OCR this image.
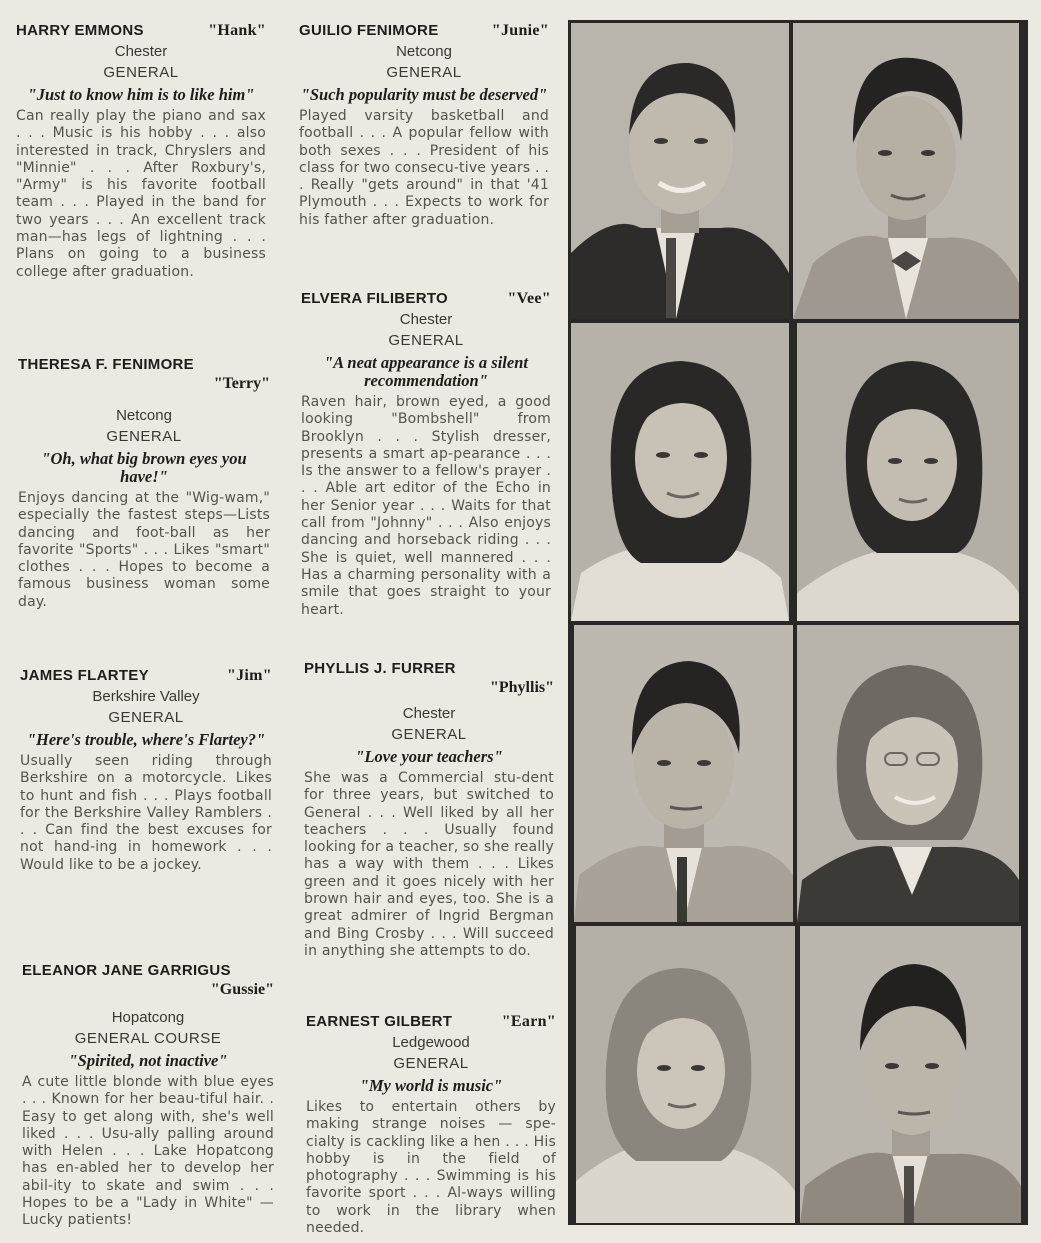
HARRY EMMONS	"Hank"
Chester
GENERAL
"Just to know him is to like him"
Can really play the piano and sax . . . Music is his hobby . . . also interested in track, Chryslers and "Minnie" . . . After Roxbury's, "Army" is his favorite football team . . . Played in the band for two years . . . An excellent track man—has legs of lightning . . . Plans on going to a business college after graduation.
THERESA F. FENIMORE
"Terry"
Netcong
GENERAL
"Oh, what big brown eyes you have!"
Enjoys dancing at the "Wig-wam," especially the fastest steps—Lists dancing and foot-ball as her favorite "Sports" . . . Likes "smart" clothes . . . Hopes to become a famous business woman some day.
JAMES FLARTEY	"Jim"
Berkshire Valley
GENERAL
"Here's trouble, where's Flartey?"
Usually seen riding through Berkshire on a motorcycle. Likes to hunt and fish . . . Plays football for the Berkshire Valley Ramblers . . . Can find the best excuses for not hand-ing in homework . . . Would like to be a jockey.
ELEANOR JANE GARRIGUS
"Gussie"
Hopatcong
GENERAL COURSE
"Spirited, not inactive"
A cute little blonde with blue eyes . . . Known for her beau-tiful hair. . Easy to get along with, she's well liked . . . Usu-ally palling around with Helen . . . Lake Hopatcong has en-abled her to develop her abil-ity to skate and swim . . . Hopes to be a "Lady in White" —Lucky patients!
GUILIO FENIMORE	"Junie"
Netcong
GENERAL
"Such popularity must be deserved"
Played varsity basketball and football . . . A popular fellow with both sexes . . . President of his class for two consecu-tive years . . . Really "gets around" in that '41 Plymouth . . . Expects to work for his father after graduation.
ELVERA FILIBERTO	"Vee"
Chester
GENERAL
"A neat appearance is a silent recommendation"
Raven hair, brown eyed, a good looking "Bombshell" from Brooklyn . . . Stylish dresser, presents a smart ap-pearance . . . Is the answer to a fellow's prayer . . . Able art editor of the Echo in her Senior year . . . Waits for that call from "Johnny" . . . Also enjoys dancing and horseback riding . . . She is quiet, well mannered . . . Has a charming personality with a smile that goes straight to your heart.
PHYLLIS J. FURRER
"Phyllis"
Chester
GENERAL
"Love your teachers"
She was a Commercial stu-dent for three years, but switched to General . . . Well liked by all her teachers . . . Usually found looking for a teacher, so she really has a way with them . . . Likes green and it goes nicely with her brown hair and eyes, too. She is a great admirer of Ingrid Bergman and Bing Crosby . . . Will succeed in anything she attempts to do.
EARNEST GILBERT	"Earn"
Ledgewood
GENERAL
"My world is music"
Likes to entertain others by making strange noises — spe-cialty is cackling like a hen . . . His hobby is in the field of photography . . . Swimming is his favorite sport . . . Al-ways willing to work in the library when needed.
